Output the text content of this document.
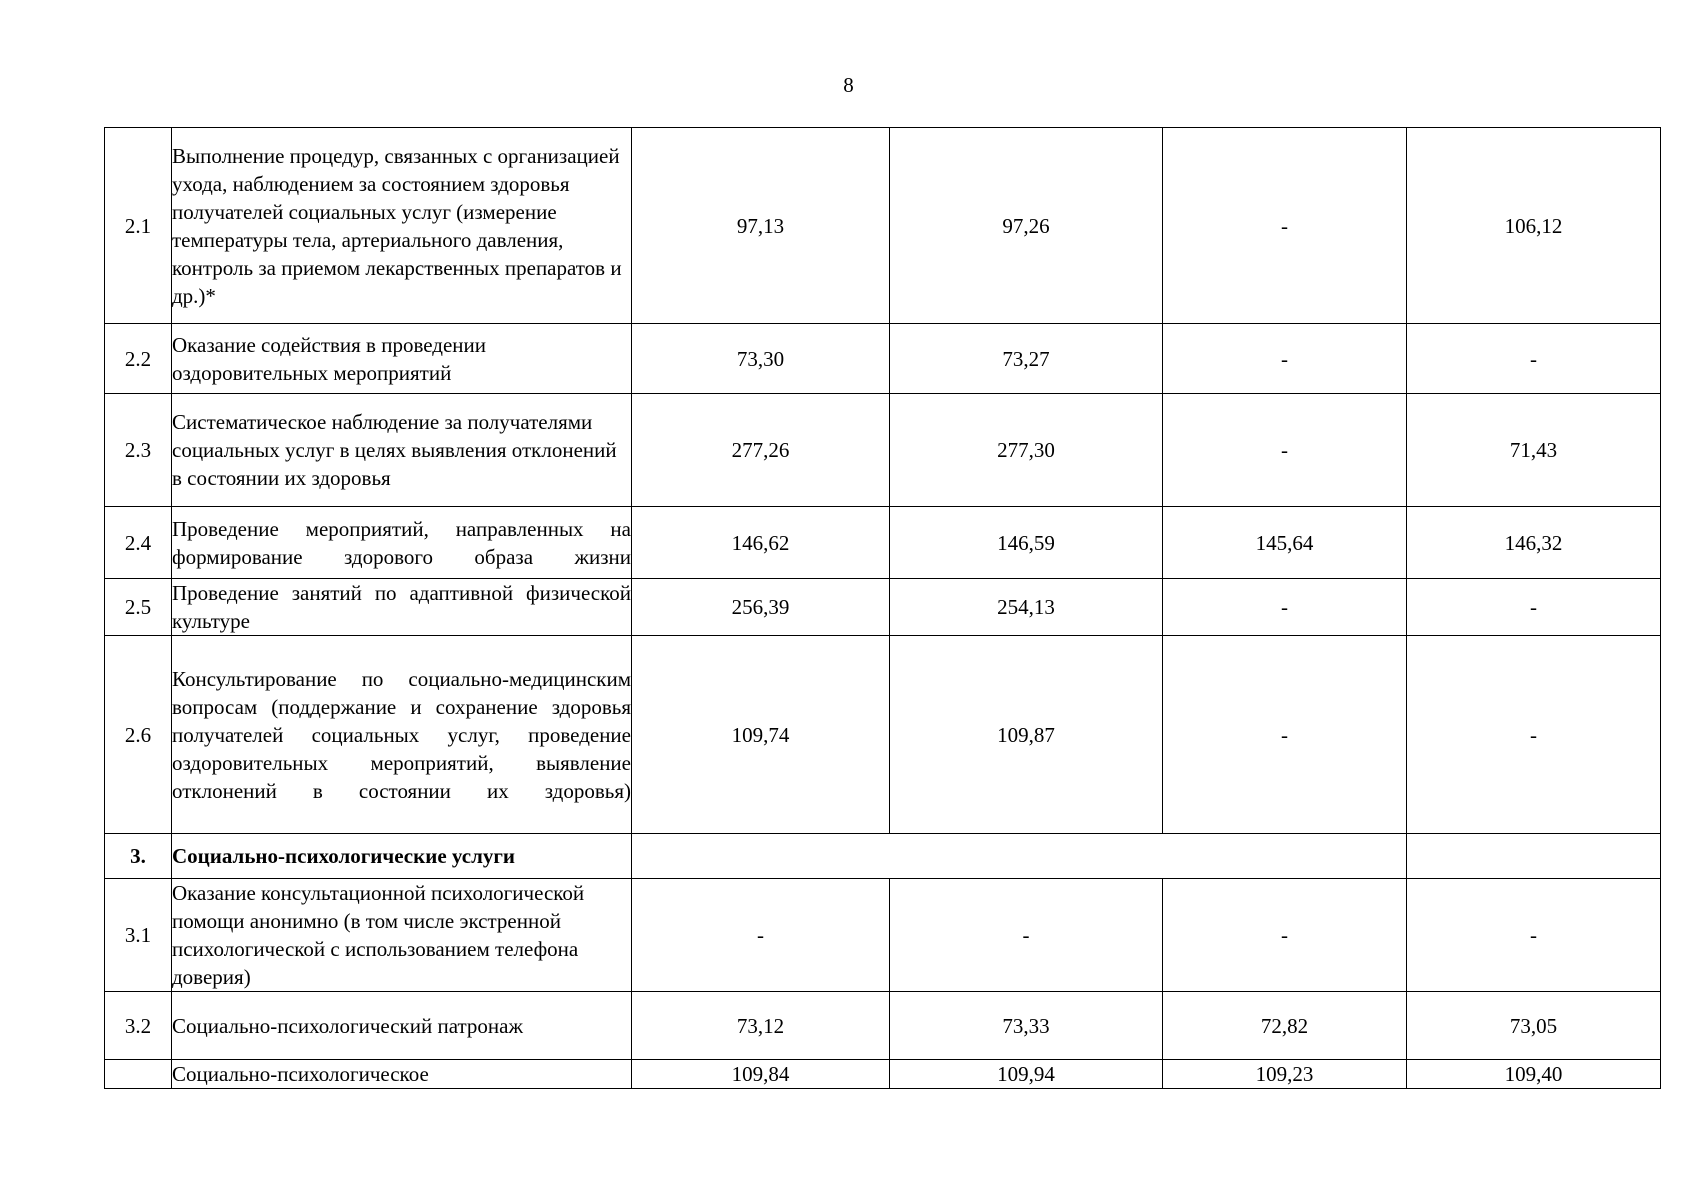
8
2.1	Выполнение процедур, связанных с организацией ухода, наблюдением за состоянием здоровья получателей социальных услуг (измерение температуры тела, артериального давления, контроль за приемом лекарственных препаратов и др.)*	97,13	97,26	-	106,12
2.2	Оказание содействия в проведении оздоровительных мероприятий	73,30	73,27	-	-
2.3	Систематическое наблюдение за получателями социальных услуг в целях выявления отклонений в состоянии их здоровья	277,26	277,30	-	71,43
2.4	Проведение мероприятий, направленных на формирование здорового образа жизни	146,62	146,59	145,64	146,32
2.5	Проведение занятий по адаптивной физической культуре	256,39	254,13	-	-
2.6	Консультирование по социально-медицинским вопросам (поддержание и сохранение здоровья получателей социальных услуг, проведение оздоровительных мероприятий, выявление отклонений в состоянии их здоровья)	109,74	109,87	-	-
3.	Социально-психологические услуги				
3.1	Оказание консультационной психологической помощи анонимно (в том числе экстренной психологической с использованием телефона доверия)	-	-	-	-
3.2	Социально-психологический патронаж	73,12	73,33	72,82	73,05
	Социально-психологическое	109,84	109,94	109,23	109,40
